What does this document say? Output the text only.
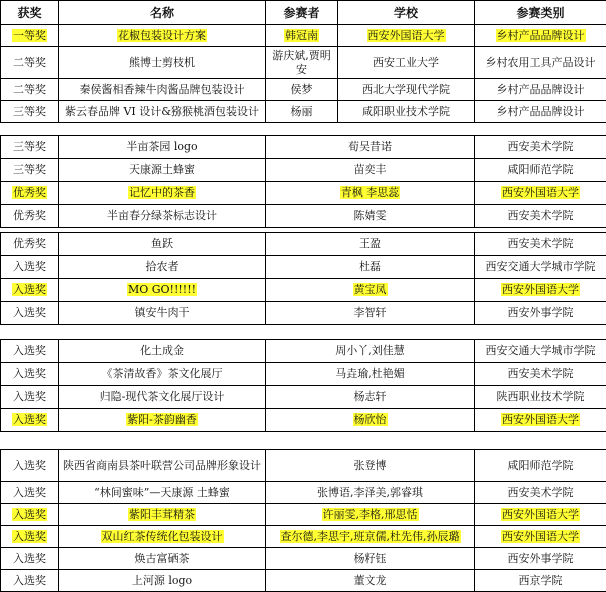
获奖	名称	参赛者	学校	参赛类别
一等奖	花椒包装设计方案	韩冠南	西安外国语大学	乡村产品品牌设计
二等奖	熊博士剪枝机	游庆斌,贾明安	西安工业大学	乡村农用工具产品设计
二等奖	秦侯酱相香辣牛肉酱品牌包装设计	侯梦	西北大学现代学院	乡村产品品牌设计
三等奖	紫云春品牌 VI 设计&猕猴桃酒包装设计	杨丽	咸阳职业技术学院	乡村产品品牌设计
三等奖	半亩茶园 logo	荀吴昔诺	西安美术学院
三等奖	天康源土蜂蜜	苗奕丰	咸阳师范学院
优秀奖	记忆中的茶香	青枫 李思蕊	西安外国语大学
优秀奖	半亩春分绿茶标志设计	陈婧雯	西安美术学院
优秀奖	鱼跃	王盈	西安美术学院
入选奖	拾农者	杜磊	西安交通大学城市学院
入选奖	MO GO!!!!!!	黄宝凤	西安外国语大学
入选奖	镇安牛肉干	李智轩	西安外事学院
入选奖	化土成金	周小丫,刘佳慧	西安交通大学城市学院
入选奖	《茶清故香》茶文化展厅	马垚瑜,杜艳媚	西安美术学院
入选奖	归隐-现代茶文化展厅设计	杨志轩	陕西职业技术学院
入选奖	紫阳-茶韵幽香	杨欣怡	西安外国语大学
入选奖	陕西省商南县茶叶联营公司品牌形象设计	张登博	咸阳师范学院
入选奖	“林间蜜味”—天康源 土蜂蜜	张博语,李泽美,郭睿琪	西安美术学院
入选奖	紫阳丰茸精茶	许丽雯,李格,邢思恬	西安外国语大学
入选奖	双山红茶传统化包装设计	查尔德,李思宇,班京儒,杜先伟,孙辰璐	西安外国语大学
入选奖	焕古富硒茶	杨籽钰	西安外事学院
入选奖	上河源 logo	董文龙	西京学院
